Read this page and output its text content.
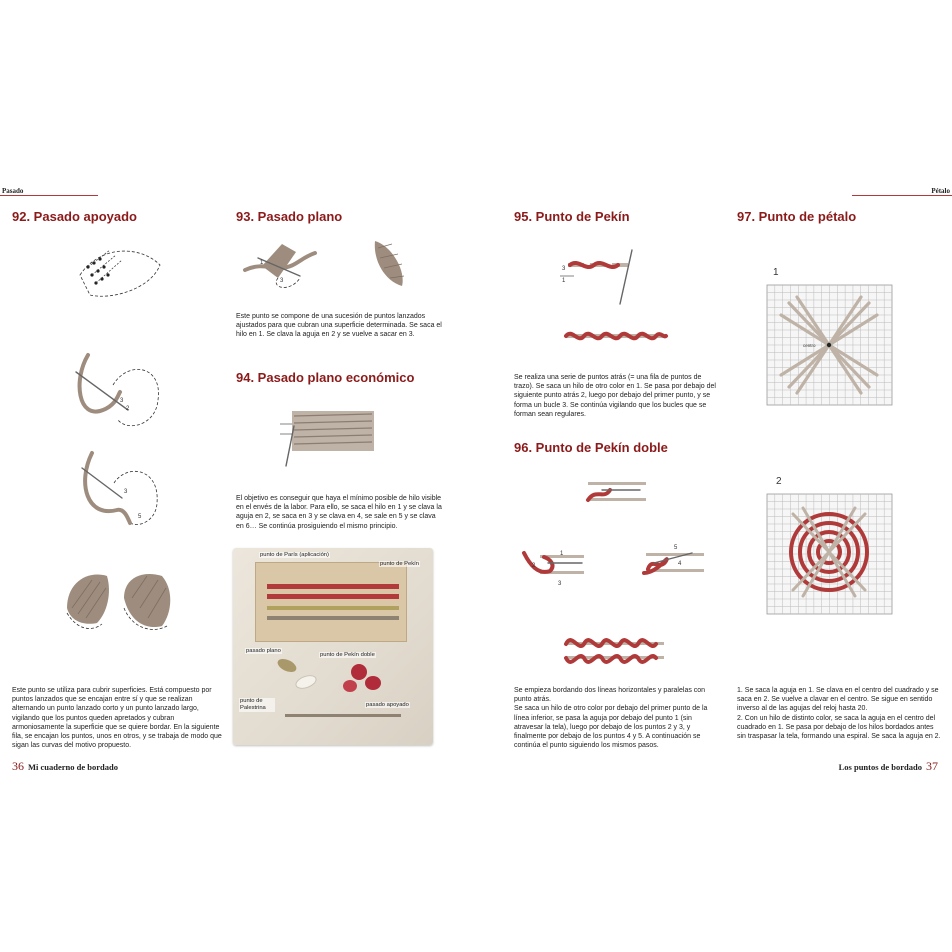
Pasado	Pétalo
92. Pasado apoyado	93. Pasado plano
94. Pasado plano económico
95. Punto de Pekín
96. Punto de Pekín doble
97. Punto de pétalo
3
2
3
5
1
3
punto de París (aplicación)
punto de Pekín
pasado plano
punto de Pekín doble
punto de Palestrina	pasado apoyado
3
1
1
2
3
5
4
1
centro
2
Este punto se compone de una sucesión de puntos lanzados ajustados para que cubran una superficie determinada. Se saca el hilo en 1. Se clava la aguja en 2 y se vuelve a sacar en 3.
El objetivo es conseguir que haya el mínimo posible de hilo visible en el envés de la labor. Para ello, se saca el hilo en 1 y se clava la aguja en 2, se saca en 3 y se clava en 4, se sale en 5 y se clava en 6… Se continúa prosiguiendo el mismo principio.
Se realiza una serie de puntos atrás (= una fila de puntos de trazo). Se saca un hilo de otro color en 1. Se pasa por debajo del siguiente punto atrás 2, luego por debajo del primer punto, y se forma un bucle 3. Se continúa vigilando que los bucles que se forman sean regulares.
Este punto se utiliza para cubrir superficies. Está compuesto por puntos lanzados que se encajan entre sí y que se realizan alternando un punto lanzado corto y un punto lanzado largo, vigilando que los puntos queden apretados y cubran armoniosamente la superficie que se quiere bordar. En la siguiente fila, se encajan los puntos, unos en otros, y se trabaja de modo que sigan las curvas del motivo propuesto.
Se empieza bordando dos líneas horizontales y paralelas con punto atrás.
Se saca un hilo de otro color por debajo del primer punto de la línea inferior, se pasa la aguja por debajo del punto 1 (sin atravesar la tela), luego por debajo de los puntos 2 y 3, y finalmente por debajo de los puntos 4 y 5. A continuación se continúa el punto siguiendo los mismos pasos.
1. Se saca la aguja en 1. Se clava en el centro del cuadrado y se saca en 2. Se vuelve a clavar en el centro. Se sigue en sentido inverso al de las agujas del reloj hasta 20.
2. Con un hilo de distinto color, se saca la aguja en el centro del cuadrado en 1. Se pasa por debajo de los hilos bordados antes sin traspasar la tela, formando una espiral. Se saca la aguja en 2.
36 Mi cuaderno de bordado	Los puntos de bordado 37
